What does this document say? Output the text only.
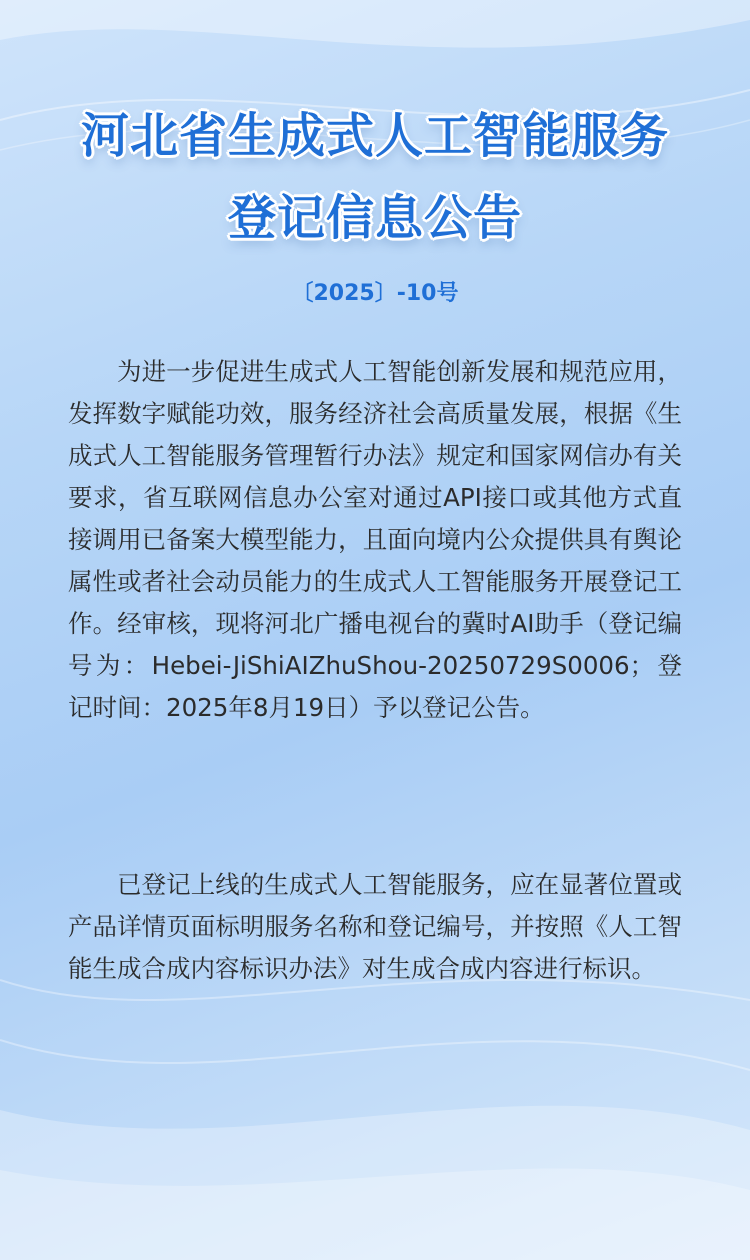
河北省生成式人工智能服务
登记信息公告
〔2025〕-10号

为进一步促进生成式人工智能创新发展和规范应用，发挥数字赋能功效，服务经济社会高质量发展，根据《生成式人工智能服务管理暂行办法》规定和国家网信办有关要求，省互联网信息办公室对通过API接口或其他方式直接调用已备案大模型能力，且面向境内公众提供具有舆论属性或者社会动员能力的生成式人工智能服务开展登记工作。经审核，现将河北广播电视台的冀时AI助手（登记编号为：Hebei-JiShiAIZhuShou-20250729S0006；登记时间：2025年8月19日）予以登记公告。

已登记上线的生成式人工智能服务，应在显著位置或产品详情页面标明服务名称和登记编号，并按照《人工智能生成合成内容标识办法》对生成合成内容进行标识。
